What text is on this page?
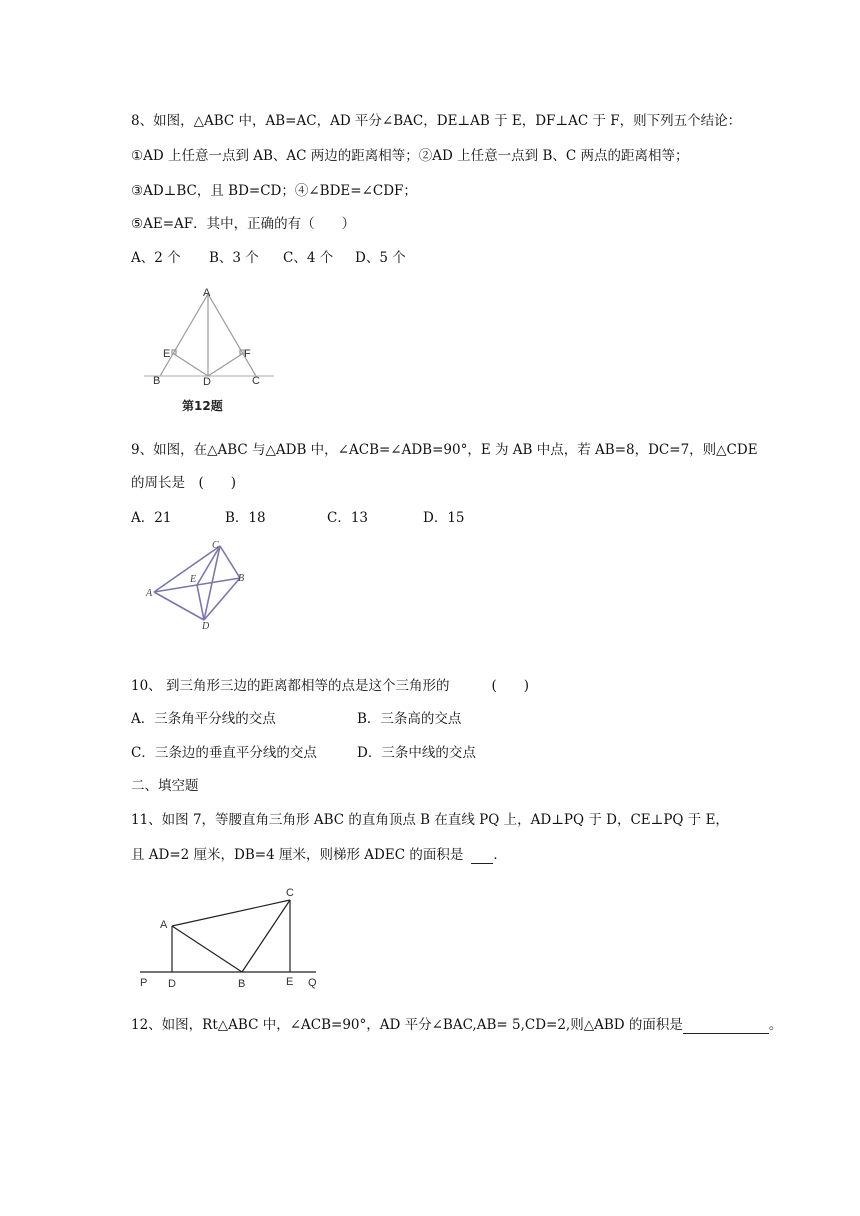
8、如图，△ABC 中，AB=AC，AD 平分∠BAC，DE⊥AB 于 E，DF⊥AC 于 F，则下列五个结论：
①AD 上任意一点到 AB、AC 两边的距离相等；②AD 上任意一点到 B、C 两点的距离相等；
③AD⊥BC，且 BD=CD；④∠BDE=∠CDF；
⑤AE=AF．其中，正确的有（　　）
A、2 个 B、3 个 C、4 个 D、5 个
A
E	F
B	D	C
第12题
9、如图，在△ABC 与△ADB 中，∠ACB=∠ADB=90°，E 为 AB 中点，若 AB=8，DC=7，则△CDE
的周长是　(　　)
A．21	B．18	C．13	D．15
C
E	B
A
D
10、 到三角形三边的距离都相等的点是这个三角形的	(　　)
A．三条角平分线的交点	B．三条高的交点
C．三条边的垂直平分线的交点	D．三条中线的交点
二、填空题
11、如图 7，等腰直角三角形 ABC 的直角顶点 B 在直线 PQ 上，AD⊥PQ 于 D，CE⊥PQ 于 E，
且 AD=2 厘米，DB=4 厘米，则梯形 ADEC 的面积是 ．
C
A
P D	B	E Q
12、如图，Rt△ABC 中，∠ACB=90°，AD 平分∠BAC,AB= 5,CD=2,则△ABD 的面积是	。
